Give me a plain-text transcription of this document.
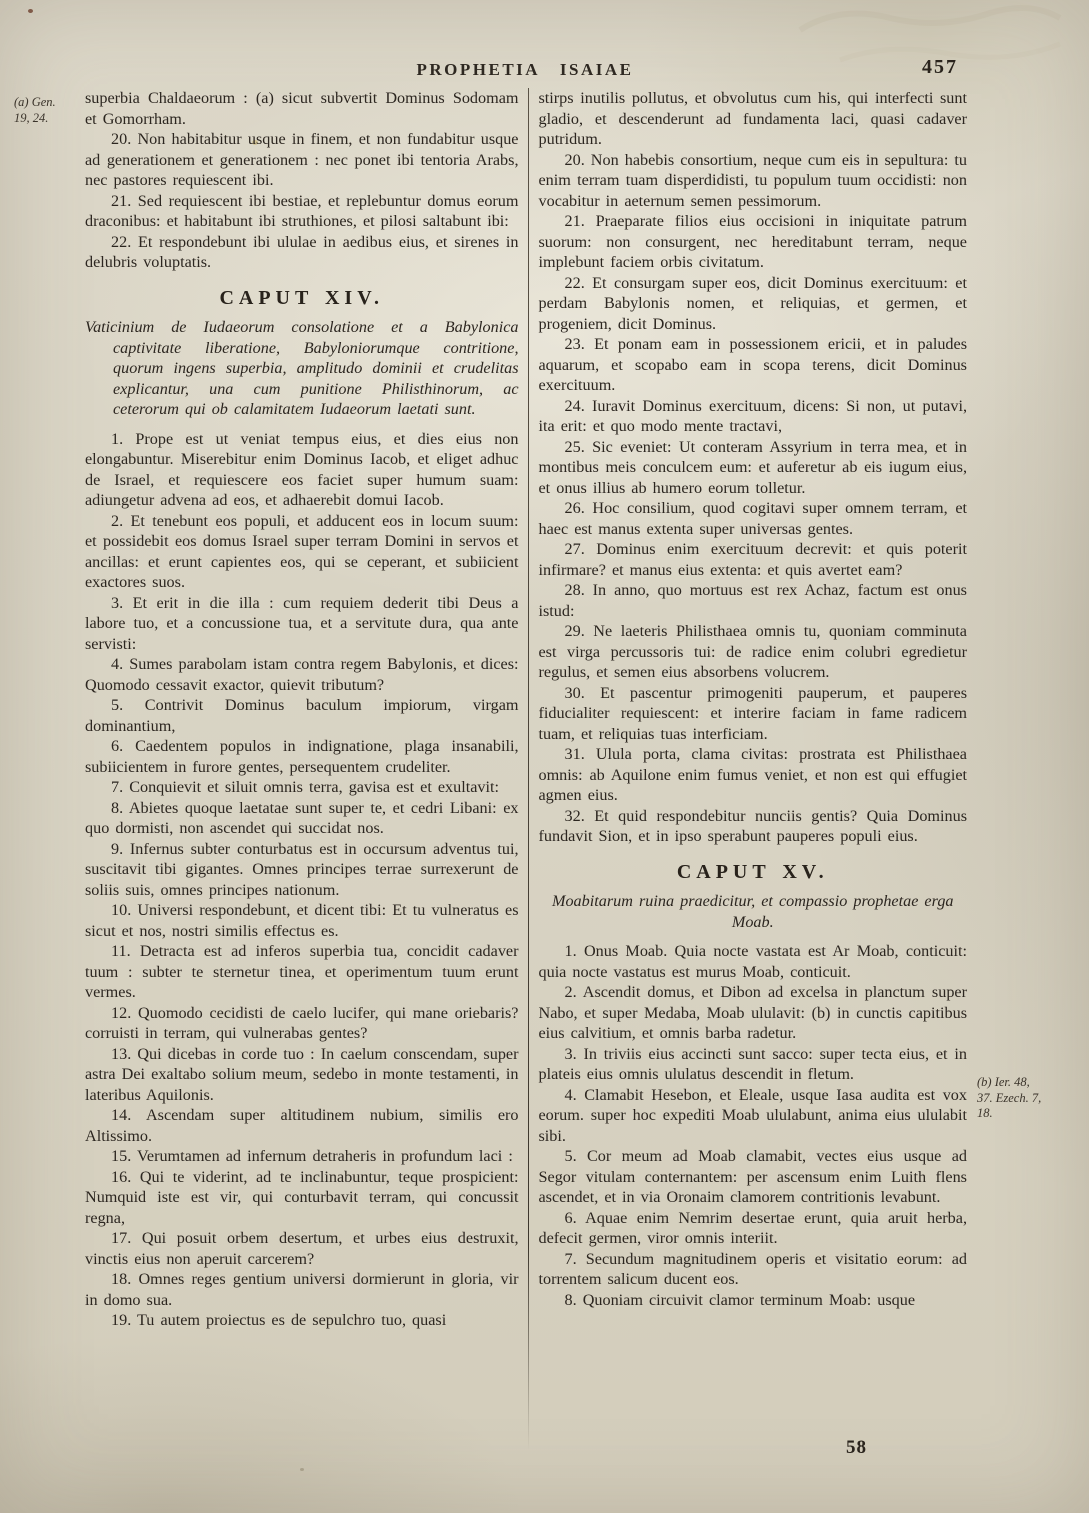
PROPHETIA ISAIAE	457
(a) Gen.
19, 24.
(b) Ier. 48,
37. Ezech. 7,
18.

superbia Chaldaeorum : (a) sicut subvertit Dominus Sodomam et Gomorrham.

20. Non habitabitur usque in finem, et non fundabitur usque ad generationem et generationem : nec ponet ibi tentoria Arabs, nec pastores requiescent ibi.

21. Sed requiescent ibi bestiae, et replebuntur domus eorum draconibus: et habitabunt ibi struthiones, et pilosi saltabunt ibi:

22. Et respondebunt ibi ululae in aedibus eius, et sirenes in delubris voluptatis.

CAPUT XIV.

Vaticinium de Iudaeorum consolatione et a Babylonica captivitate liberatione, Babyloniorumque contritione, quorum ingens superbia, amplitudo dominii et crudelitas explicantur, una cum punitione Philisthinorum, ac ceterorum qui ob calamitatem Iudaeorum laetati sunt.

1. Prope est ut veniat tempus eius, et dies eius non elongabuntur. Miserebitur enim Dominus Iacob, et eliget adhuc de Israel, et requiescere eos faciet super humum suam: adiungetur advena ad eos, et adhaerebit domui Iacob.

2. Et tenebunt eos populi, et adducent eos in locum suum: et possidebit eos domus Israel super terram Domini in servos et ancillas: et erunt capientes eos, qui se ceperant, et subiicient exactores suos.

3. Et erit in die illa : cum requiem dederit tibi Deus a labore tuo, et a concussione tua, et a servitute dura, qua ante servisti:

4. Sumes parabolam istam contra regem Babylonis, et dices: Quomodo cessavit exactor, quievit tributum?

5. Contrivit Dominus baculum impiorum, virgam dominantium,

6. Caedentem populos in indignatione, plaga insanabili, subiicientem in furore gentes, persequentem crudeliter.

7. Conquievit et siluit omnis terra, gavisa est et exultavit:

8. Abietes quoque laetatae sunt super te, et cedri Libani: ex quo dormisti, non ascendet qui succidat nos.

9. Infernus subter conturbatus est in occursum adventus tui, suscitavit tibi gigantes. Omnes principes terrae surrexerunt de soliis suis, omnes principes nationum.

10. Universi respondebunt, et dicent tibi: Et tu vulneratus es sicut et nos, nostri similis effectus es.

11. Detracta est ad inferos superbia tua, concidit cadaver tuum : subter te sternetur tinea, et operimentum tuum erunt vermes.

12. Quomodo cecidisti de caelo lucifer, qui mane oriebaris? corruisti in terram, qui vulnerabas gentes?

13. Qui dicebas in corde tuo : In caelum conscendam, super astra Dei exaltabo solium meum, sedebo in monte testamenti, in lateribus Aquilonis.

14. Ascendam super altitudinem nubium, similis ero Altissimo.

15. Verumtamen ad infernum detraheris in profundum laci :

16. Qui te viderint, ad te inclinabuntur, teque prospicient: Numquid iste est vir, qui conturbavit terram, qui concussit regna,

17. Qui posuit orbem desertum, et urbes eius destruxit, vinctis eius non aperuit carcerem?

18. Omnes reges gentium universi dormierunt in gloria, vir in domo sua.

19. Tu autem proiectus es de sepulchro tuo, quasi

stirps inutilis pollutus, et obvolutus cum his, qui interfecti sunt gladio, et descenderunt ad fundamenta laci, quasi cadaver putridum.

20. Non habebis consortium, neque cum eis in sepultura: tu enim terram tuam disperdidisti, tu populum tuum occidisti: non vocabitur in aeternum semen pessimorum.

21. Praeparate filios eius occisioni in iniquitate patrum suorum: non consurgent, nec hereditabunt terram, neque implebunt faciem orbis civitatum.

22. Et consurgam super eos, dicit Dominus exercituum: et perdam Babylonis nomen, et reliquias, et germen, et progeniem, dicit Dominus.

23. Et ponam eam in possessionem ericii, et in paludes aquarum, et scopabo eam in scopa terens, dicit Dominus exercituum.

24. Iuravit Dominus exercituum, dicens: Si non, ut putavi, ita erit: et quo modo mente tractavi,

25. Sic eveniet: Ut conteram Assyrium in terra mea, et in montibus meis conculcem eum: et auferetur ab eis iugum eius, et onus illius ab humero eorum tolletur.

26. Hoc consilium, quod cogitavi super omnem terram, et haec est manus extenta super universas gentes.

27. Dominus enim exercituum decrevit: et quis poterit infirmare? et manus eius extenta: et quis avertet eam?

28. In anno, quo mortuus est rex Achaz, factum est onus istud:

29. Ne laeteris Philisthaea omnis tu, quoniam comminuta est virga percussoris tui: de radice enim colubri egredietur regulus, et semen eius absorbens volucrem.

30. Et pascentur primogeniti pauperum, et pauperes fiducialiter requiescent: et interire faciam in fame radicem tuam, et reliquias tuas interficiam.

31. Ulula porta, clama civitas: prostrata est Philisthaea omnis: ab Aquilone enim fumus veniet, et non est qui effugiet agmen eius.

32. Et quid respondebitur nunciis gentis? Quia Dominus fundavit Sion, et in ipso sperabunt pauperes populi eius.

CAPUT XV.

Moabitarum ruina praedicitur, et compassio prophetae erga Moab.

1. Onus Moab. Quia nocte vastata est Ar Moab, conticuit: quia nocte vastatus est murus Moab, conticuit.

2. Ascendit domus, et Dibon ad excelsa in planctum super Nabo, et super Medaba, Moab ululavit: (b) in cunctis capitibus eius calvitium, et omnis barba radetur.

3. In triviis eius accincti sunt sacco: super tecta eius, et in plateis eius omnis ululatus descendit in fletum.

4. Clamabit Hesebon, et Eleale, usque Iasa audita est vox eorum. super hoc expediti Moab ululabunt, anima eius ululabit sibi.

5. Cor meum ad Moab clamabit, vectes eius usque ad Segor vitulam conternantem: per ascensum enim Luith flens ascendet, et in via Oronaim clamorem contritionis levabunt.

6. Aquae enim Nemrim desertae erunt, quia aruit herba, defecit germen, viror omnis interiit.

7. Secundum magnitudinem operis et visitatio eorum: ad torrentem salicum ducent eos.

8. Quoniam circuivit clamor terminum Moab: usque

58
